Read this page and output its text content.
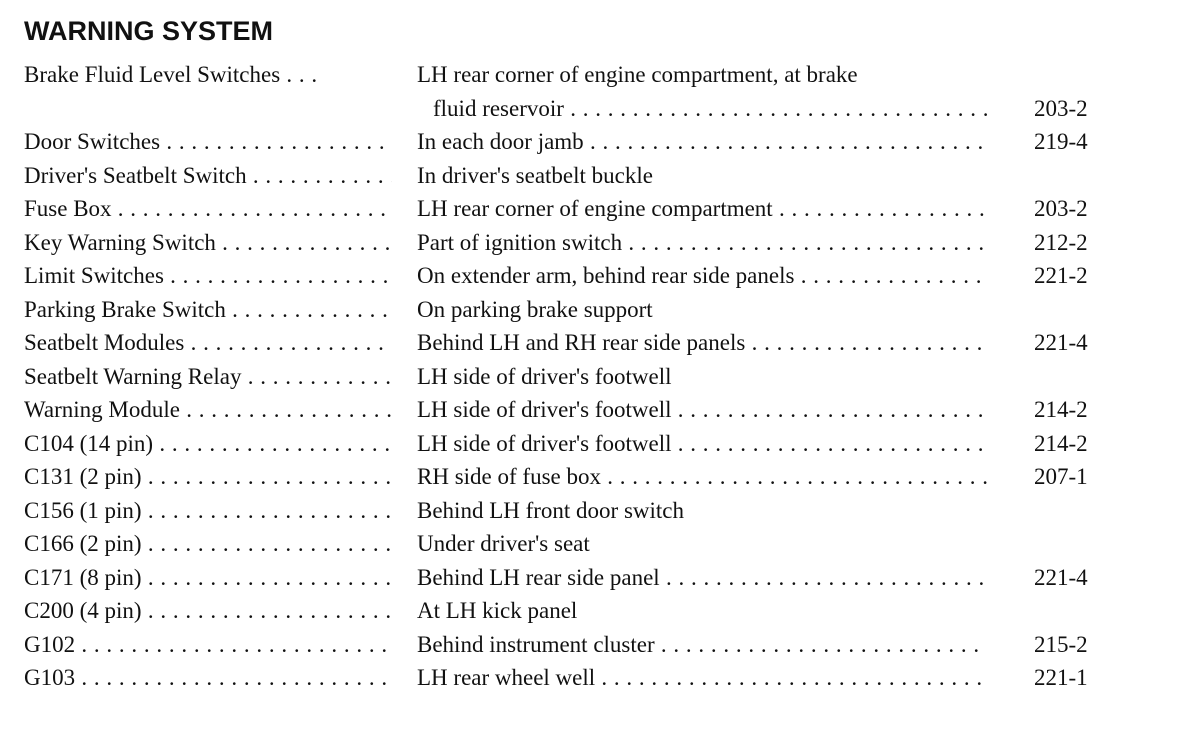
WARNING SYSTEM
Brake Fluid Level Switches . . .	LH rear corner of engine compartment, at brake
fluid reservoir . . .	203-2
Door Switches . . .	In each door jamb . . .	219-4
Driver's Seatbelt Switch . . .	In driver's seatbelt buckle
Fuse Box . . .	LH rear corner of engine compartment . . .	203-2
Key Warning Switch . . .	Part of ignition switch . . .	212-2
Limit Switches . . .	On extender arm, behind rear side panels . . .	221-2
Parking Brake Switch . . .	On parking brake support
Seatbelt Modules . . .	Behind LH and RH rear side panels . . .	221-4
Seatbelt Warning Relay . . .	LH side of driver's footwell
Warning Module . . .	LH side of driver's footwell . . .	214-2
C104 (14 pin) . . .	LH side of driver's footwell . . .	214-2
C131 (2 pin) . . .	RH side of fuse box . . .	207-1
C156 (1 pin) . . .	Behind LH front door switch
C166 (2 pin) . . .	Under driver's seat
C171 (8 pin) . . .	Behind LH rear side panel . . .	221-4
C200 (4 pin) . . .	At LH kick panel
G102 . . .	Behind instrument cluster . . .	215-2
G103 . . .	LH rear wheel well . . .	221-1
